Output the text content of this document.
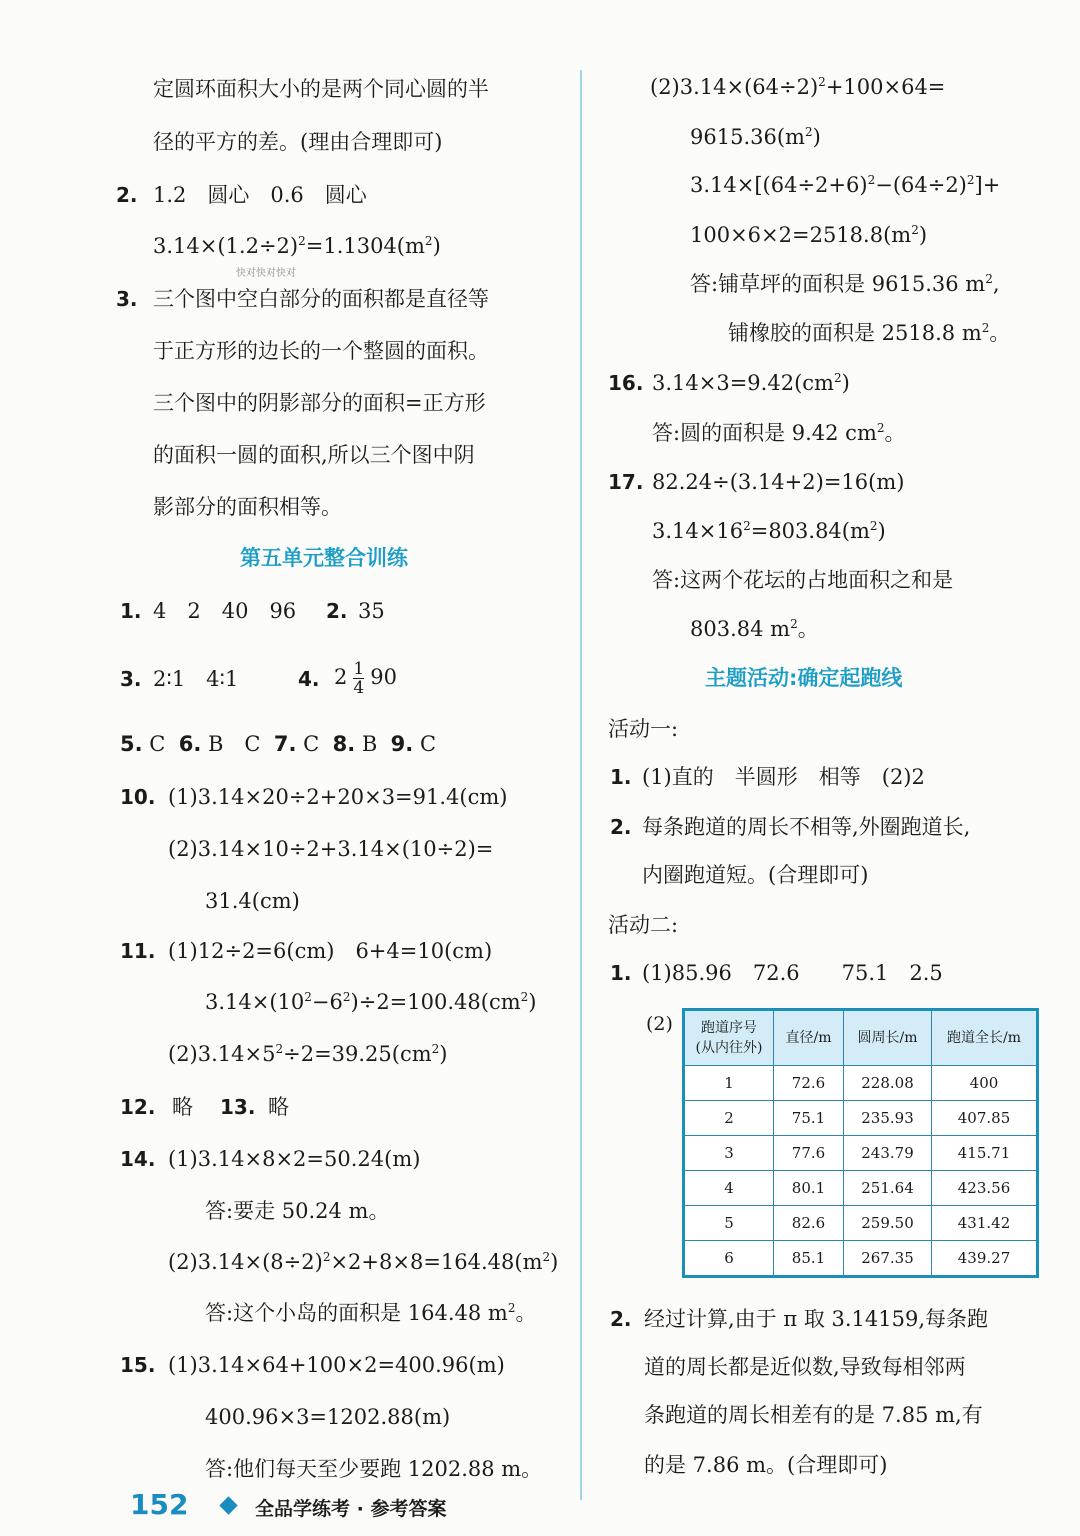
定圆环面积大小的是两个同心圆的半
径的平方的差。(理由合理即可)
2. 1.2　圆心　0.6　圆心
$3.14\times(1.2\div 2)^2=1.1304(m^2)$
快对快对快对
3. 三个图中空白部分的面积都是直径等
于正方形的边长的一个整圆的面积。
三个图中的阴影部分的面积=正方形
的面积一圆的面积,所以三个图中阴
影部分的面积相等。
第五单元整合训练
1. 4　2　40　96 2. 35
3. 2∶1　4∶1	4. $2 \frac{1}{4} 90$
5. C 6. B　C 7. C 8. B 9. C
10. (1)3.14×20÷2+20×3=91.4(cm)
(2)3.14×10÷2+3.14×(10÷2)=
31.4(cm)
11. (1)12÷2=6(cm)　6+4=10(cm)
$3.14\times(10^2-6^2)\div 2=100.48(cm^2)$
$(2)3.14\times 5^2\div 2=39.25(cm^2)$
12. 略 13. 略
14. (1)3.14×8×2=50.24(m)
答:要走 50.24 m。
$(2)3.14\times(8\div 2)^2\times 2+8\times 8=164.48(m^2)$
答:这个小岛的面积是 164.48 $m^2$。
15. (1)3.14×64+100×2=400.96(m)
400.96×3=1202.88(m)
答:他们每天至少要跑 1202.88 m。
$(2)3.14\times(64\div 2)^2+100\times 64=$
$9615.36(m^2)$
$3.14\times[(64\div 2+6)^2-(64\div 2)^2]+$
$100\times 6\times 2=2518.8(m^2)$
答:铺草坪的面积是 9615.36 $m^2$,
铺橡胶的面积是 2518.8 $m^2$。
16. $3.14\times 3=9.42(cm^2)$
答:圆的面积是 9.42 $cm^2$。
17. 82.24÷(3.14+2)=16(m)
$3.14\times 16^2=803.84(m^2)$
答:这两个花坛的占地面积之和是
803.84 $m^2$。
主题活动:确定起跑线
活动一:
1. (1)直的　半圆形　相等　(2)2
2. 每条跑道的周长不相等,外圈跑道长,
内圈跑道短。(合理即可)
活动二:
1. (1)85.96　72.6　　75.1　2.5
(2) 跑道序号
(从内往外)	直径/m	圆周长/m	跑道全长/m
1	72.6	228.08	400
2	75.1	235.93	407.85
3	77.6	243.79	415.71
4	80.1	251.64	423.56
5	82.6	259.50	431.42
6	85.1	267.35	439.27
2. 经过计算,由于 π 取 3.14159,每条跑
道的周长都是近似数,导致每相邻两
条跑道的周长相差有的是 7.85 m,有
的是 7.86 m。(合理即可)
152	全品学练考 · 参考答案
